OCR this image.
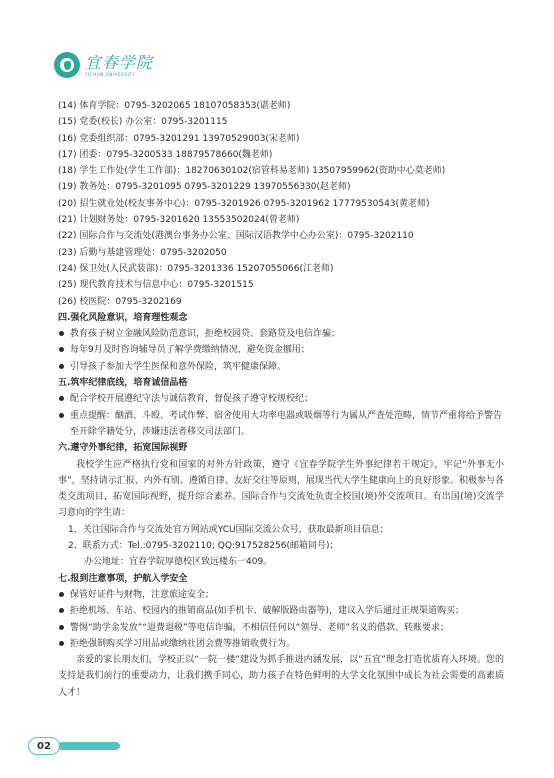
宜春学院
YICHUN UNIVERSITY
(14) 体育学院：0795-3202065 18107058353(谌老师)
(15) 党委(校长) 办公室：0795-3201115
(16) 党委组织部：0795-3201291 13970529003(宋老师)
(17) 团委：0795-3200533 18879578660(魏老师)
(18) 学生工作处(学生工作部)：18270630102(宿管科易老师) 13507959962(资助中心莫老师)
(19) 教务处：0795-3201095 0795-3201229 13970556330(赵老师)
(20) 招生就业处(校友事务中心)：0795-3201926 0795-3201962 17779530543(黄老师)
(21) 计划财务处：0795-3201620 13553502024(曾老师)
(22) 国际合作与交流处(港澳台事务办公室、国际汉语教学中心办公室)：0795-3202110
(23) 后勤与基建管理处：0795-3202050
(24) 保卫处(人民武装部)：0795-3201336 15207055066(江老师)
(25) 现代教育技术与信息中心：0795-3201515
(26) 校医院：0795-3202169
四.强化风险意识，培育理性观念
教育孩子树立金融风险防范意识，拒绝校园贷、套路贷及电信诈骗；
每年9月及时咨询辅导员了解学费缴纳情况，避免资金挪用；
引导孩子参加大学生医保和意外保险，筑牢健康保障。
五.筑牢纪律底线，培育诚信品格
配合学校开展遵纪守法与诚信教育，督促孩子遵守校规校纪；
重点提醒：酗酒、斗殴、考试作弊、宿舍使用大功率电器或吸烟等行为属从严查处范畴，情节严重将给予警告至开除学籍处分，涉嫌违法者移交司法部门。
六.遵守外事纪律，拓宽国际视野
我校学生应严格执行党和国家的对外方针政策，遵守《宜春学院学生外事纪律若干规定》，牢记“外事无小事”，坚持请示汇报、内外有别、遵循自律、友好交往等原则，展现当代大学生健康向上的良好形象。积极参与各类交流项目，拓宽国际视野，提升综合素养。国际合作与交流处负责全校国(境)外交流项目。有出国(境)交流学习意向的学生请：
1、关注国际合作与交流处官方网站或YCU国际交流公众号，获取最新项目信息；
2、联系方式：Tel.:0795-3202110; QQ:917528256(邮箱同号)；
办公地址：宜春学院厚德校区致远楼东一409。
七.报到注意事项，护航入学安全
保管好证件与财物，注意旅途安全；
拒绝机场、车站、校园内的推销商品(如手机卡、破解版路由器等)，建议入学后通过正规渠道购买；
警惕“助学金发放”“退费退税”等电信诈骗，不相信任何以“领导、老师”名义的借款、转账要求；
拒绝强制购买学习用品或缴纳社团会费等推销收费行为。
亲爱的家长朋友们，学校正以“一院一楼”建设为抓手推进内涵发展，以“五宜”理念打造优质育人环境。您的支持是我们前行的重要动力，让我们携手同心，助力孩子在特色鲜明的大学文化氛围中成长为社会需要的高素质人才！
02
